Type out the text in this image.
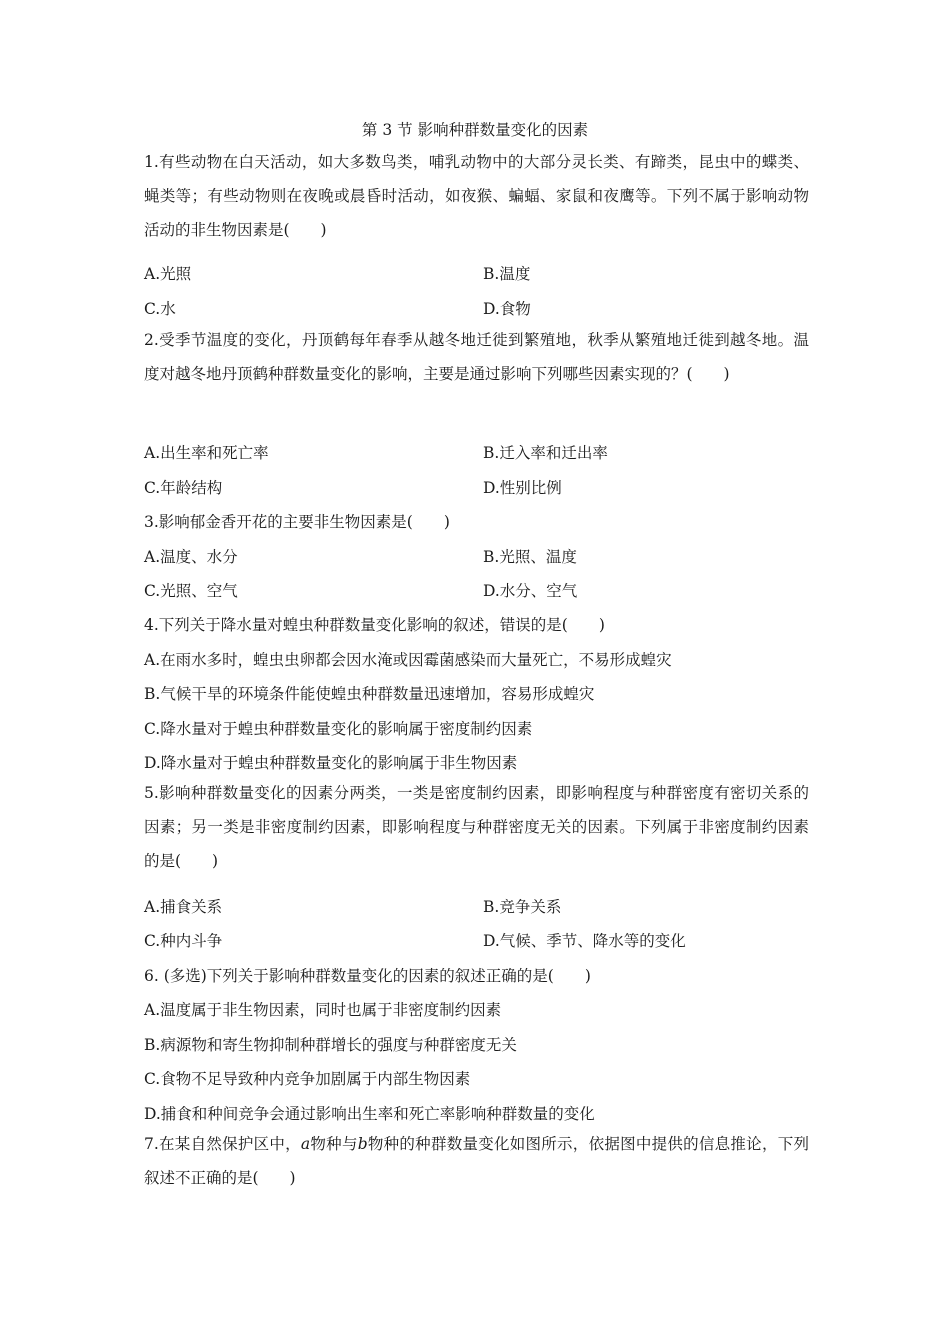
第 3 节 影响种群数量变化的因素
1.有些动物在白天活动，如大多数鸟类，哺乳动物中的大部分灵长类、有蹄类，昆虫中的蝶类、蝇类等；有些动物则在夜晚或晨昏时活动，如夜猴、蝙蝠、家鼠和夜鹰等。下列不属于影响动物活动的非生物因素是(　　)
A.光照	B.温度
C.水	D.食物
2.受季节温度的变化，丹顶鹤每年春季从越冬地迁徙到繁殖地，秋季从繁殖地迁徙到越冬地。温度对越冬地丹顶鹤种群数量变化的影响，主要是通过影响下列哪些因素实现的？(　　)
A.出生率和死亡率	B.迁入率和迁出率
C.年龄结构	D.性别比例
3.影响郁金香开花的主要非生物因素是(　　)
A.温度、水分	B.光照、温度
C.光照、空气	D.水分、空气
4.下列关于降水量对蝗虫种群数量变化影响的叙述，错误的是(　　)
A.在雨水多时，蝗虫虫卵都会因水淹或因霉菌感染而大量死亡，不易形成蝗灾
B.气候干旱的环境条件能使蝗虫种群数量迅速增加，容易形成蝗灾
C.降水量对于蝗虫种群数量变化的影响属于密度制约因素
D.降水量对于蝗虫种群数量变化的影响属于非生物因素
5.影响种群数量变化的因素分两类，一类是密度制约因素，即影响程度与种群密度有密切关系的因素；另一类是非密度制约因素，即影响程度与种群密度无关的因素。下列属于非密度制约因素的是(　　)
A.捕食关系	B.竞争关系
C.种内斗争	D.气候、季节、降水等的变化
6. (多选)下列关于影响种群数量变化的因素的叙述正确的是(　　)
A.温度属于非生物因素，同时也属于非密度制约因素
B.病源物和寄生物抑制种群增长的强度与种群密度无关
C.食物不足导致种内竞争加剧属于内部生物因素
D.捕食和种间竞争会通过影响出生率和死亡率影响种群数量的变化
7.在某自然保护区中，a物种与b物种的种群数量变化如图所示，依据图中提供的信息推论，下列叙述不正确的是(　　)
